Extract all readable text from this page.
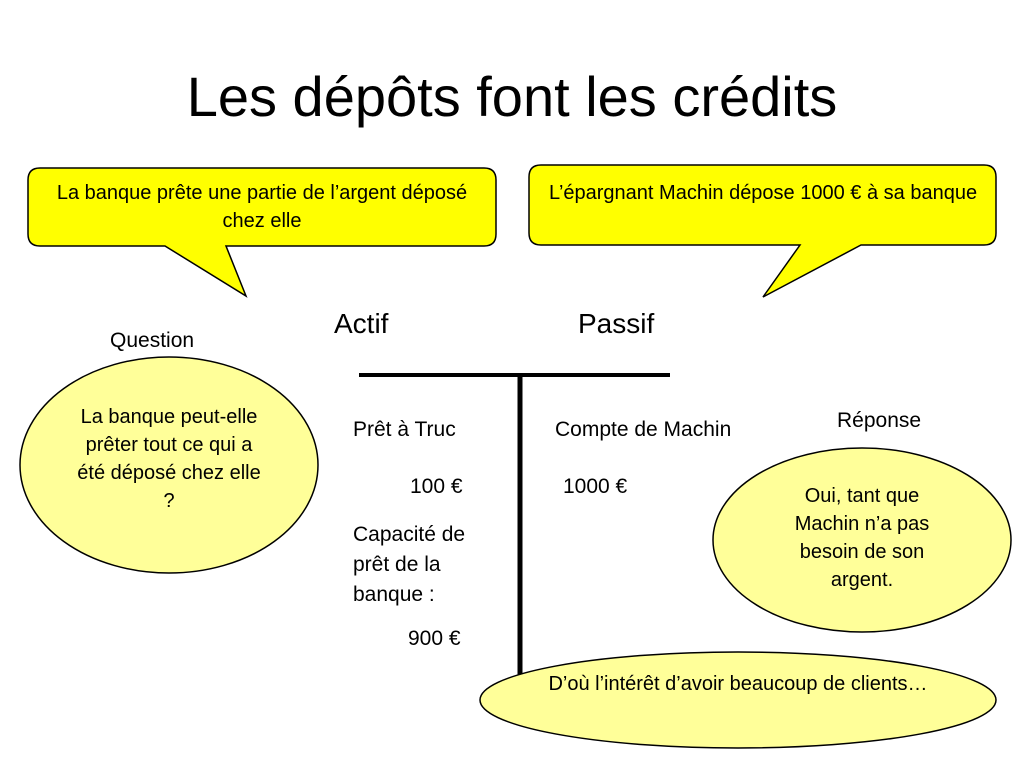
Les dépôts font les crédits
La banque prête une partie de l’argent déposé chez elle
L’épargnant Machin dépose 1000 € à sa banque
Actif	Passif
Question
La banque peut-elle prêter tout ce qui a été déposé chez elle ?
Prêt à Truc	Compte de Machin	Réponse
100 €	1000 €
Capacité de prêt de la banque :
900 €
Oui, tant que Machin n’a pas besoin de son argent.
D’où l’intérêt d’avoir beaucoup de clients…
